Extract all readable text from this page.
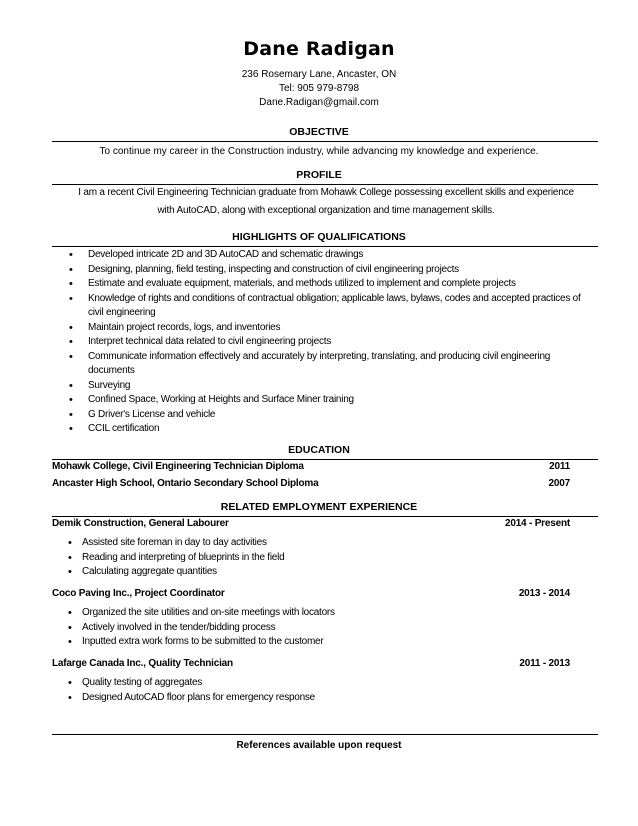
Dane Radigan
236 Rosemary Lane, Ancaster, ON
Tel: 905 979-8798
Dane.Radigan@gmail.com
OBJECTIVE
To continue my career in the Construction industry, while advancing my knowledge and experience.
PROFILE
I am a recent Civil Engineering Technician graduate from Mohawk College possessing excellent skills and experience
with AutoCAD, along with exceptional organization and time management skills.
HIGHLIGHTS OF QUALIFICATIONS
• Developed intricate 2D and 3D AutoCAD and schematic drawings
• Designing, planning, field testing, inspecting and construction of civil engineering projects
• Estimate and evaluate equipment, materials, and methods utilized to implement and complete projects
• Knowledge of rights and conditions of contractual obligation; applicable laws, bylaws, codes and accepted practices of civil engineering
• Maintain project records, logs, and inventories
• Interpret technical data related to civil engineering projects
• Communicate information effectively and accurately by interpreting, translating, and producing civil engineering documents
• Surveying
• Confined Space, Working at Heights and Surface Miner training
• G Driver's License and vehicle
• CCIL certification
EDUCATION
Mohawk College, Civil Engineering Technician Diploma	2011
Ancaster High School, Ontario Secondary School Diploma	2007
RELATED EMPLOYMENT EXPERIENCE
Demik Construction, General Labourer	2014 - Present
• Assisted site foreman in day to day activities
• Reading and interpreting of blueprints in the field
• Calculating aggregate quantities
Coco Paving Inc., Project Coordinator	2013 - 2014
• Organized the site utilities and on-site meetings with locators
• Actively involved in the tender/bidding process
• Inputted extra work forms to be submitted to the customer
Lafarge Canada Inc., Quality Technician	2011 - 2013
• Quality testing of aggregates
• Designed AutoCAD floor plans for emergency response
References available upon request
